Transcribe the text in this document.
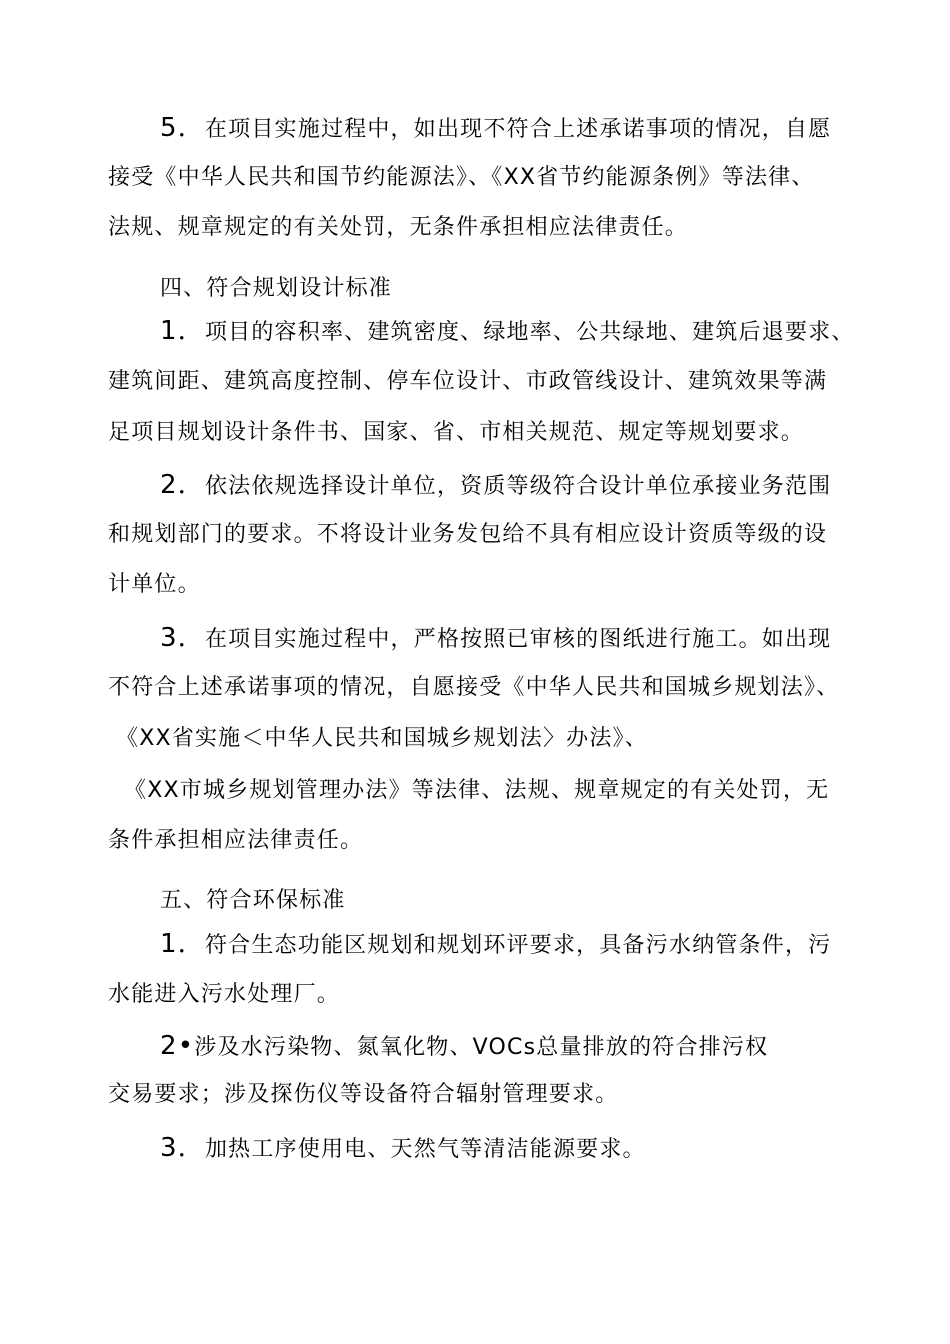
5．在项目实施过程中，如出现不符合上述承诺事项的情况，自愿
接受《中华人民共和国节约能源法》、《XX省节约能源条例》等法律、
法规、规章规定的有关处罚，无条件承担相应法律责任。
四、符合规划设计标准
1．项目的容积率、建筑密度、绿地率、公共绿地、建筑后退要求、
建筑间距、建筑高度控制、停车位设计、市政管线设计、建筑效果等满
足项目规划设计条件书、国家、省、市相关规范、规定等规划要求。
2．依法依规选择设计单位，资质等级符合设计单位承接业务范围
和规划部门的要求。不将设计业务发包给不具有相应设计资质等级的设
计单位。
3．在项目实施过程中，严格按照已审核的图纸进行施工。如出现
不符合上述承诺事项的情况，自愿接受《中华人民共和国城乡规划法》、
《XX省实施＜中华人民共和国城乡规划法〉办法》、
《XX市城乡规划管理办法》等法律、法规、规章规定的有关处罚，无
条件承担相应法律责任。
五、符合环保标准
1．符合生态功能区规划和规划环评要求，具备污水纳管条件，污
水能进入污水处理厂。
2•涉及水污染物、氮氧化物、VOCs总量排放的符合排污权
交易要求；涉及探伤仪等设备符合辐射管理要求。
3．加热工序使用电、天然气等清洁能源要求。
